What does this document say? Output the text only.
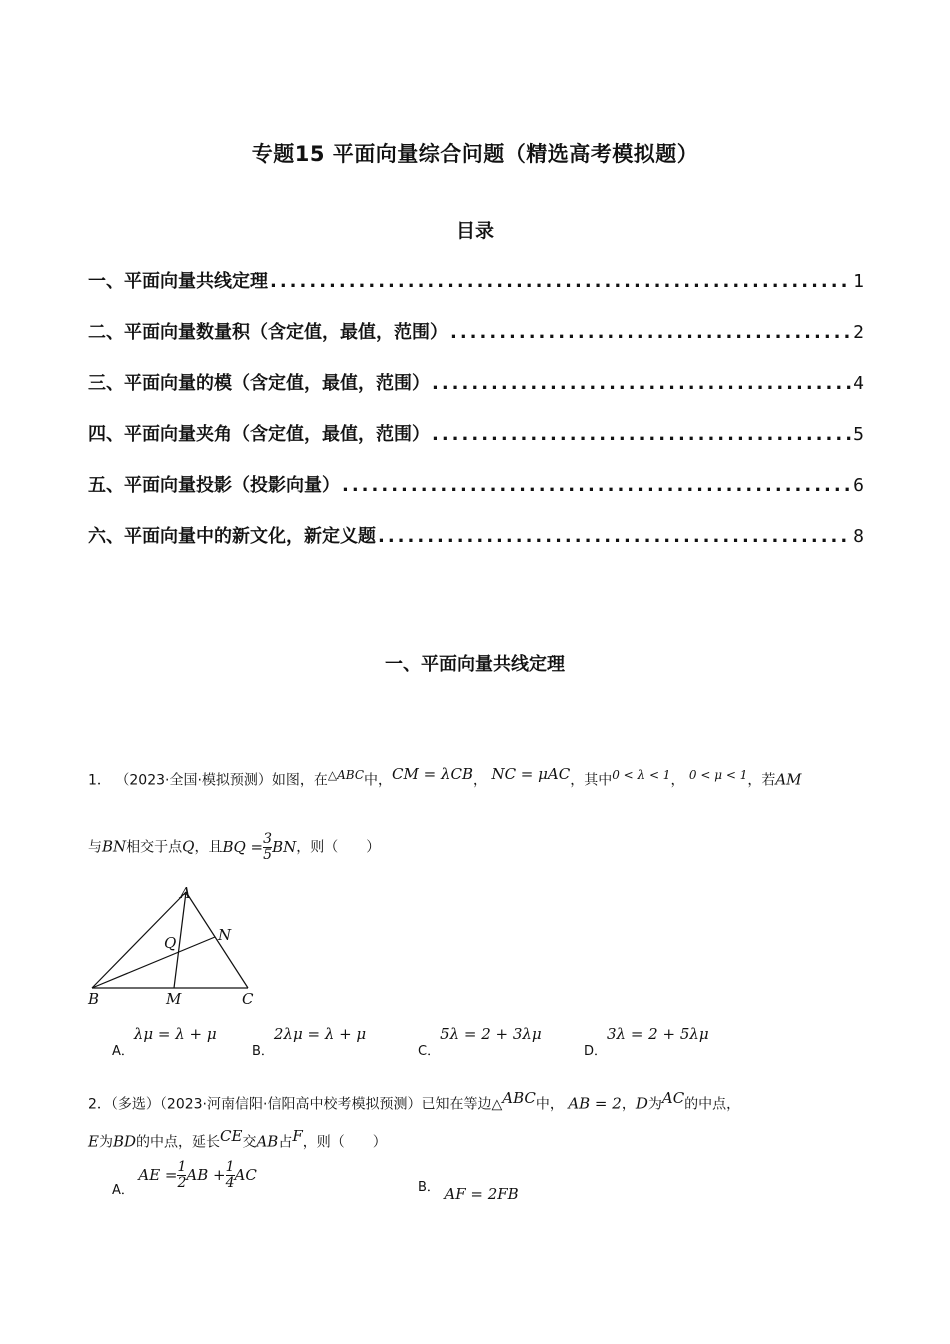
专题15 平面向量综合问题（精选高考模拟题）
目录
一、平面向量共线定理 .....	1
二、平面向量数量积（含定值，最值，范围） .....	2
三、平面向量的模（含定值，最值，范围） .....	4
四、平面向量夹角（含定值，最值，范围） .....	5
五、平面向量投影（投影向量） .....	6
六、平面向量中的新文化，新定义题 .....	8
一、平面向量共线定理
1． （2023·全国·模拟预测）如图，在$^{\triangle ABC}$中，$^{CM = \lambda CB}$， $^{NC = \mu AC}$，其中$^{0 < \lambda < 1}$， $^{0 < \mu < 1}$，若AM
与BN相交于点Q，且BQ = $\frac{3}{5}$ BN，则（　　）
A
B	C
M
N
Q
A．λμ = λ + μ
B．2λμ = λ + μ
C．5λ = 2 + 3λμ
D．3λ = 2 + 5λμ
2．（多选）（2023·河南信阳·信阳高中校考模拟预测）已知在等边△$^{ABC}$中， AB = 2，D为$^{AC}$的中点，
E为BD的中点，延长$^{CE}$交AB占$^F$，则（　　）
A． AE = $\frac{1}{2}$ AB + $\frac{1}{4}$ AC
B． AF = 2FB
